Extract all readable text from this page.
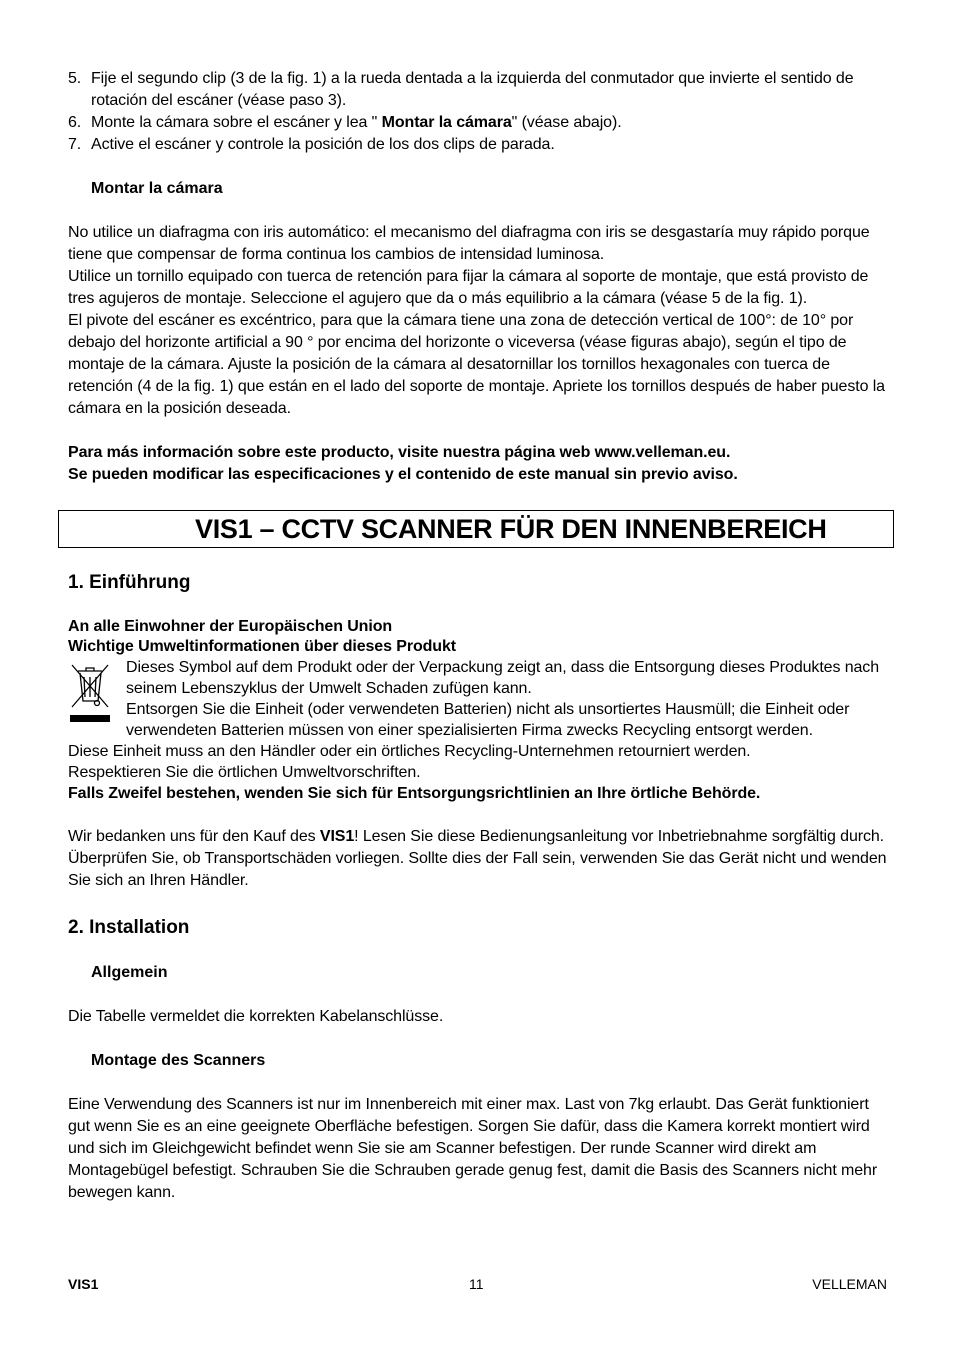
5. Fije el segundo clip (3 de la fig. 1) a la rueda dentada a la izquierda del conmutador que invierte el sentido de rotación del escáner (véase paso 3).
6. Monte la cámara sobre el escáner y lea " Montar la cámara" (véase abajo).
7. Active el escáner y controle la posición de los dos clips de parada.

Montar la cámara

No utilice un diafragma con iris automático: el mecanismo del diafragma con iris se desgastaría muy rápido porque tiene que compensar de forma continua los cambios de intensidad luminosa.

Utilice un tornillo equipado con tuerca de retención para fijar la cámara al soporte de montaje, que está provisto de tres agujeros de montaje. Seleccione el agujero que da o más equilibrio a la cámara (véase 5 de la fig. 1).

El pivote del escáner es excéntrico, para que la cámara tiene una zona de detección vertical de 100°: de 10° por debajo del horizonte artificial a 90 ° por encima del horizonte o viceversa (véase figuras abajo), según el tipo de montaje de la cámara. Ajuste la posición de la cámara al desatornillar los tornillos hexagonales con tuerca de retención (4 de la fig. 1) que están en el lado del soporte de montaje. Apriete los tornillos después de haber puesto la cámara en la posición deseada.

Para más información sobre este producto, visite nuestra página web www.velleman.eu.

Se pueden modificar las especificaciones y el contenido de este manual sin previo aviso.

VIS1 – CCTV SCANNER FÜR DEN INNENBEREICH

1. Einführung

An alle Einwohner der Europäischen Union

Wichtige Umweltinformationen über dieses Produkt

Dieses Symbol auf dem Produkt oder der Verpackung zeigt an, dass die Entsorgung dieses Produktes nach seinem Lebenszyklus der Umwelt Schaden zufügen kann.

Entsorgen Sie die Einheit (oder verwendeten Batterien) nicht als unsortiertes Hausmüll; die Einheit oder verwendeten Batterien müssen von einer spezialisierten Firma zwecks Recycling entsorgt werden.

Diese Einheit muss an den Händler oder ein örtliches Recycling-Unternehmen retourniert werden.

Respektieren Sie die örtlichen Umweltvorschriften.

Falls Zweifel bestehen, wenden Sie sich für Entsorgungsrichtlinien an Ihre örtliche Behörde.

Wir bedanken uns für den Kauf des VIS1! Lesen Sie diese Bedienungsanleitung vor Inbetriebnahme sorgfältig durch. Überprüfen Sie, ob Transportschäden vorliegen. Sollte dies der Fall sein, verwenden Sie das Gerät nicht und wenden Sie sich an Ihren Händler.

2. Installation

Allgemein

Die Tabelle vermeldet die korrekten Kabelanschlüsse.

Montage des Scanners

Eine Verwendung des Scanners ist nur im Innenbereich mit einer max. Last von 7kg erlaubt. Das Gerät funktioniert gut wenn Sie es an eine geeignete Oberfläche befestigen. Sorgen Sie dafür, dass die Kamera korrekt montiert wird und sich im Gleichgewicht befindet wenn Sie sie am Scanner befestigen. Der runde Scanner wird direkt am Montagebügel befestigt. Schrauben Sie die Schrauben gerade genug fest, damit die Basis des Scanners nicht mehr bewegen kann.

VIS1	11	VELLEMAN
